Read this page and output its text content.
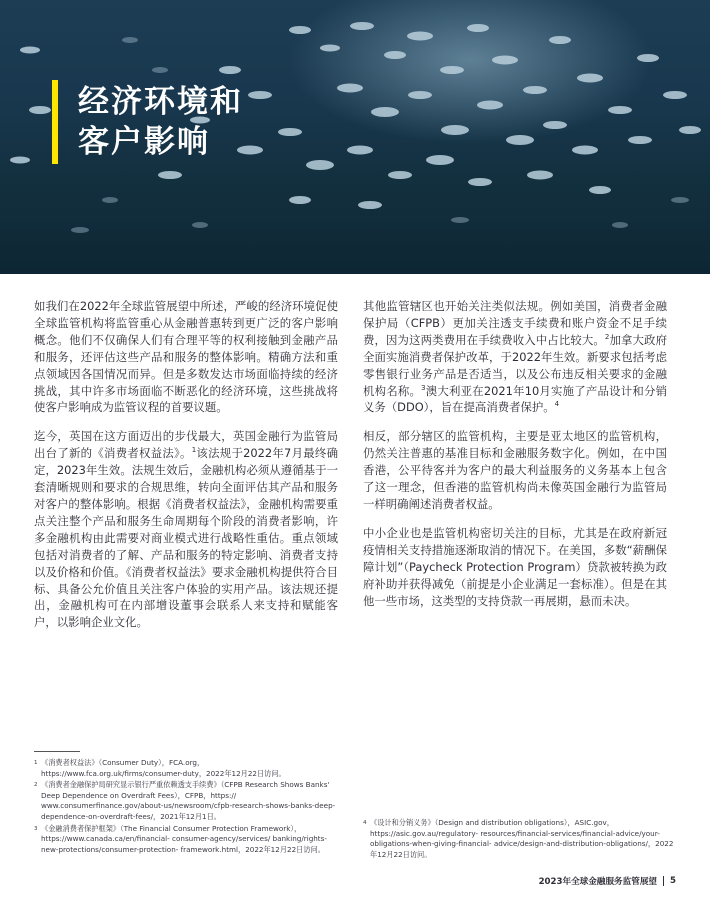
经济环境和
客户影响

如我们在2022年全球监管展望中所述，严峻的经济环境促使全球监管机构将监管重心从金融普惠转到更广泛的客户影响概念。他们不仅确保人们有合理平等的权利接触到金融产品和服务，还评估这些产品和服务的整体影响。精确方法和重点领域因各国情况而异。但是多数发达市场面临持续的经济挑战，其中许多市场面临不断恶化的经济环境，这些挑战将使客户影响成为监管议程的首要议题。

迄今，英国在这方面迈出的步伐最大，英国金融行为监管局出台了新的《消费者权益法》。$^1$该法规于2022年7月最终确定，2023年生效。法规生效后，金融机构必须从遵循基于一套清晰规则和要求的合规思维，转向全面评估其产品和服务对客户的整体影响。根据《消费者权益法》，金融机构需要重点关注整个产品和服务生命周期每个阶段的消费者影响，许多金融机构由此需要对商业模式进行战略性重估。重点领域包括对消费者的了解、产品和服务的特定影响、消费者支持以及价格和价值。《消费者权益法》要求金融机构提供符合目标、具备公允价值且关注客户体验的实用产品。该法规还提出，金融机构可在内部增设董事会联系人来支持和赋能客户，以影响企业文化。

其他监管辖区也开始关注类似法规。例如美国，消费者金融保护局（CFPB）更加关注透支手续费和账户资金不足手续费，因为这两类费用在手续费收入中占比较大。$^2$加拿大政府全面实施消费者保护改革，于2022年生效。新要求包括考虑零售银行业务产品是否适当，以及公布违反相关要求的金融机构名称。$^3$澳大利亚在2021年10月实施了产品设计和分销义务（DDO），旨在提高消费者保护。$^4$

相反，部分辖区的监管机构，主要是亚太地区的监管机构，仍然关注普惠的基准目标和金融服务数字化。例如，在中国香港，公平待客并为客户的最大利益服务的义务基本上包含了这一理念，但香港的监管机构尚未像英国金融行为监管局一样明确阐述消费者权益。

中小企业也是监管机构密切关注的目标，尤其是在政府新冠疫情相关支持措施逐渐取消的情况下。在美国，多数“薪酬保障计划”（Paycheck Protection Program）贷款被转换为政府补助并获得减免（前提是小企业满足一套标准）。但是在其他一些市场，这类型的支持贷款一再展期，悬而未决。

1 《消费者权益法》（Consumer Duty），FCA.org，https://www.fca.org.uk/firms/consumer-duty，2022年12月22日访问。
2 《消费者金融保护局研究显示银行严重依赖透支手续费》（CFPB Research Shows Banks' Deep Dependence on Overdraft Fees），CFPB，https:// www.consumerfinance.gov/about-us/newsroom/cfpb-research-shows-banks-deep-dependence-on-overdraft-fees/，2021年12月1日。
3 《金融消费者保护框架》（The Financial Consumer Protection Framework），https://www.canada.ca/en/financial- consumer-agency/services/ banking/rights-new-protections/consumer-protection- framework.html，2022年12月22日访问。
4 《设计和分销义务》（Design and distribution obligations），ASIC.gov，https://asic.gov.au/regulatory- resources/financial-services/financial-advice/your-obligations-when-giving-financial- advice/design-and-distribution-obligations/，2022年12月22日访问。
2023年全球金融服务监管展望 5
